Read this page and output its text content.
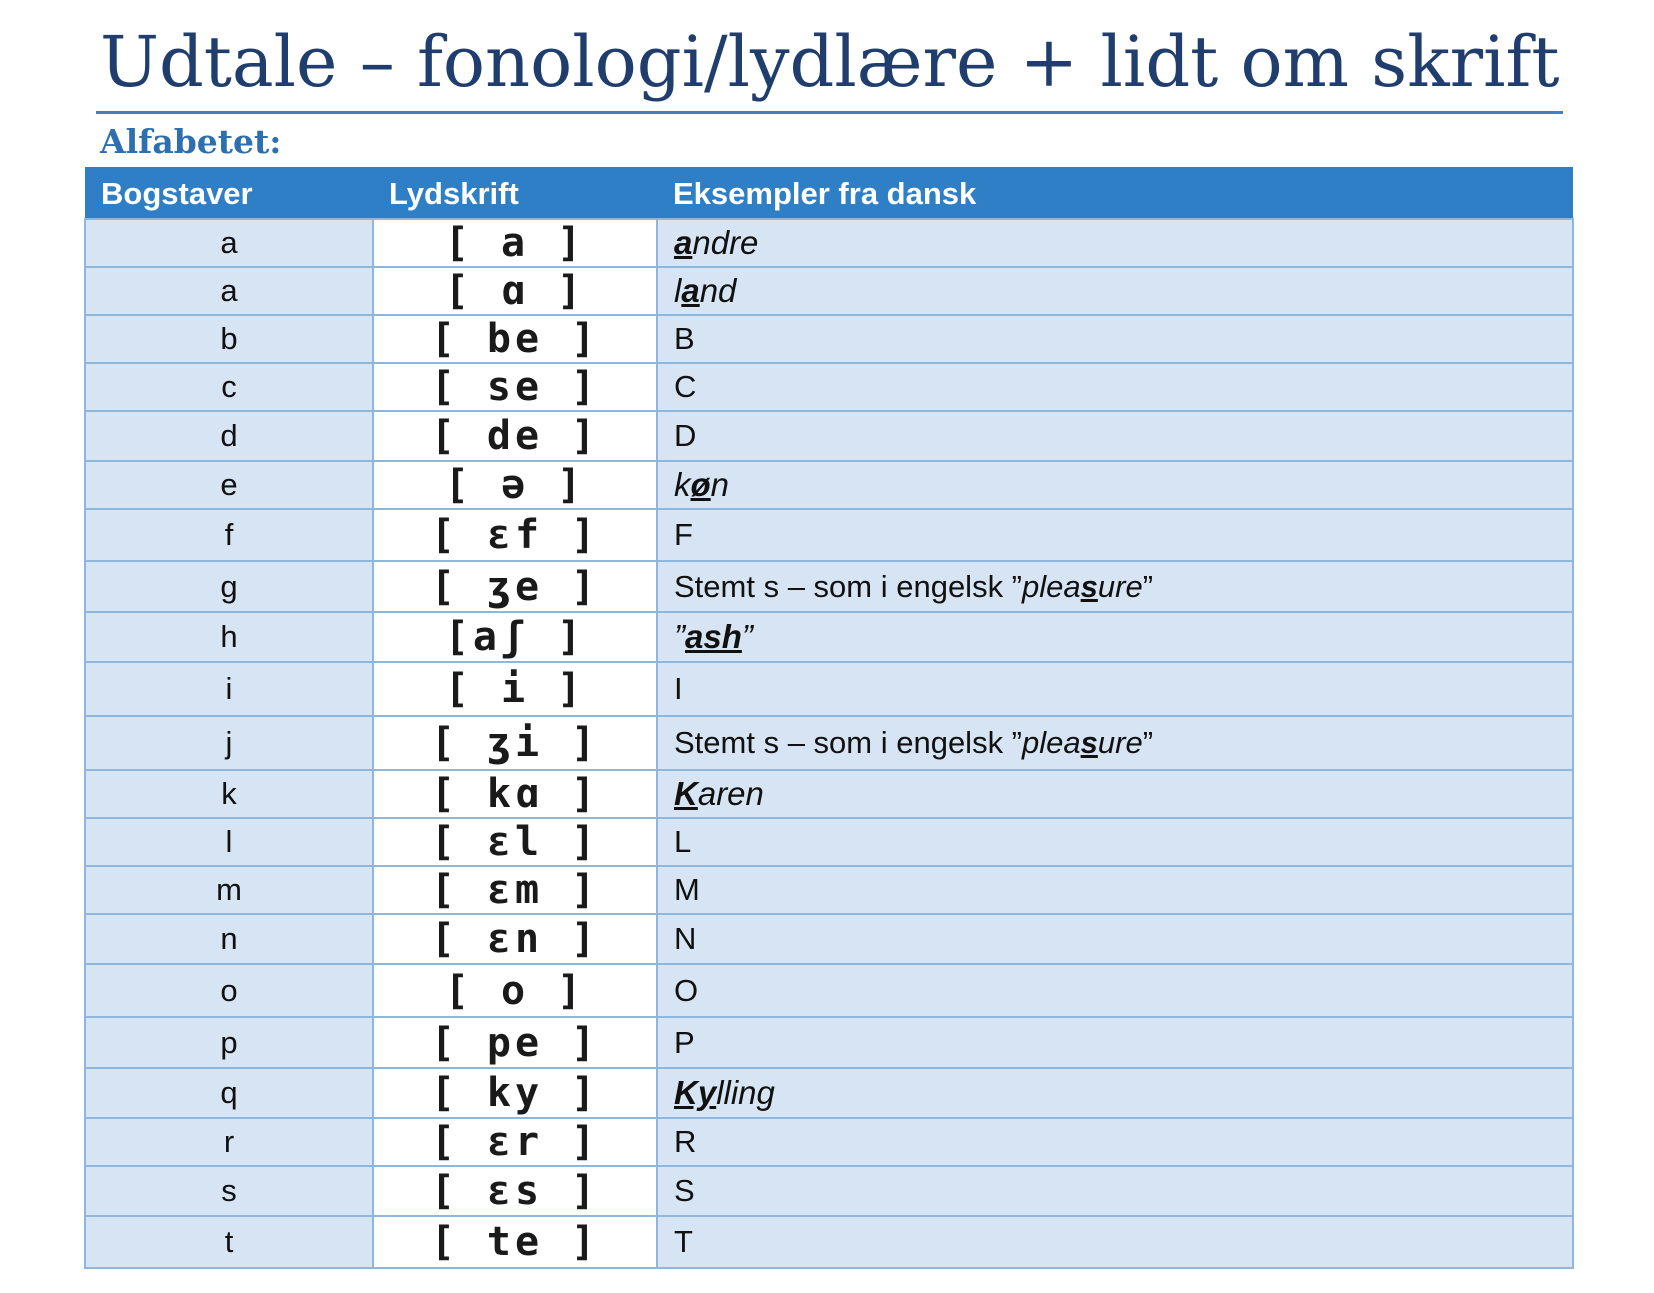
Udtale – fonologi/lydlære + lidt om skrift
Alfabetet:
Bogstaver	Lydskrift	Eksempler fra dansk
a	[ a ]	andre
a	[ ɑ ]	land
b	[ be ]	B
c	[ se ]	C
d	[ de ]	D
e	[ ə ]	køn
f	[ ɛf ]	F
g	[ ʒe ]	Stemt s – som i engelsk ”pleasure”
h	[aʃ ]	”ash”
i	[ i ]	I
j	[ ʒi ]	Stemt s – som i engelsk ”pleasure”
k	[ kɑ ]	Karen
l	[ ɛl ]	L
m	[ ɛm ]	M
n	[ ɛn ]	N
o	[ o ]	O
p	[ pe ]	P
q	[ ky ]	Kylling
r	[ ɛr ]	R
s	[ ɛs ]	S
t	[ te ]	T
